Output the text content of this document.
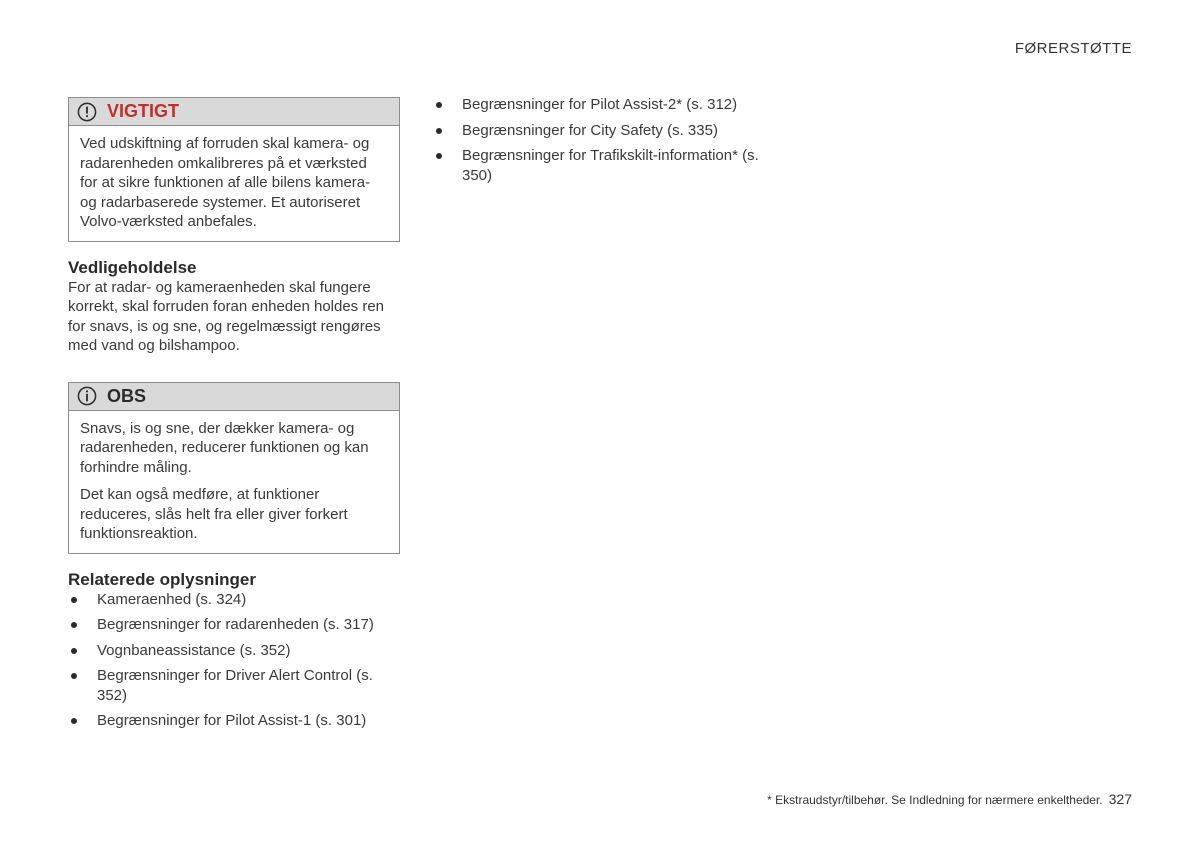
FØRERSTØTTE
VIGTIGT

Ved udskiftning af forruden skal kamera- og radarenheden omkalibreres på et værksted for at sikre funktionen af alle bilens kamera- og radarbaserede systemer. Et autoriseret Volvo-værksted anbefales.

Vedligeholdelse

For at radar- og kameraenheden skal fungere korrekt, skal forruden foran enheden holdes ren for snavs, is og sne, og regelmæssigt rengøres med vand og bilshampoo.

OBS

Snavs, is og sne, der dækker kamera- og radarenheden, reducerer funktionen og kan forhindre måling.

Det kan også medføre, at funktioner reduceres, slås helt fra eller giver forkert funktionsreaktion.

Relaterede oplysninger
Kameraenhed (s. 324)
Begrænsninger for radarenheden (s. 317)
Vognbaneassistance (s. 352)
Begrænsninger for Driver Alert Control (s. 352)
Begrænsninger for Pilot Assist-1 (s. 301)
Begrænsninger for Pilot Assist-2* (s. 312)
Begrænsninger for City Safety (s. 335)
Begrænsninger for Trafikskilt-information* (s. 350)
* Ekstraudstyr/tilbehør. Se Indledning for nærmere enkeltheder. 327
